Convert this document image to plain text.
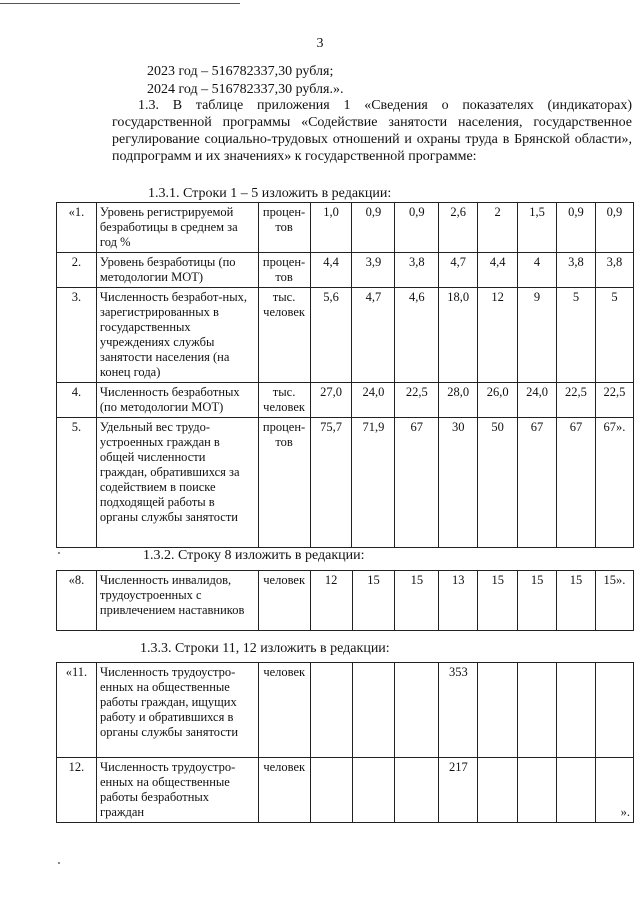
3
2023 год – 516782337,30 рубля;
2024 год – 516782337,30 рубля.».
1.3. В таблице приложения 1 «Сведения о показателях (индикаторах) государственной программы «Содействие занятости населения, государственное регулирование социально-трудовых отношений и охраны труда в Брянской области», подпрограмм и их значениях» к государственной программе:
1.3.1. Строки 1 – 5 изложить в редакции:
«1.	Уровень регистрируемой безработицы в среднем за год %	процен-тов	1,0	0,9	0,9	2,6	2	1,5	0,9	0,9
2.	Уровень безработицы (по методологии МОТ)	процен-тов	4,4	3,9	3,8	4,7	4,4	4	3,8	3,8
3.	Численность безработ-ных, зарегистрированных в государственных учреждениях службы занятости населения (на конец года)	тыс. человек	5,6	4,7	4,6	18,0	12	9	5	5
4.	Численность безработных (по методологии МОТ)	тыс. человек	27,0	24,0	22,5	28,0	26,0	24,0	22,5	22,5
5.	Удельный вес трудо-устроенных граждан в общей численности граждан, обратившихся за содействием в поиске подходящей работы в органы службы занятости	процен-тов	75,7	71,9	67	30	50	67	67	67».
1.3.2. Строку 8 изложить в редакции:
«8.	Численность инвалидов, трудоустроенных с привлечением наставников	человек	12	15	15	13	15	15	15	15».
1.3.3. Строки 11, 12 изложить в редакции:
«11.	Численность трудоустро-енных на общественные работы граждан, ищущих работу и обратившихся в органы службы занятости	человек				353				
12.	Численность трудоустро-енных на общественные работы безработных граждан	человек				217				».
